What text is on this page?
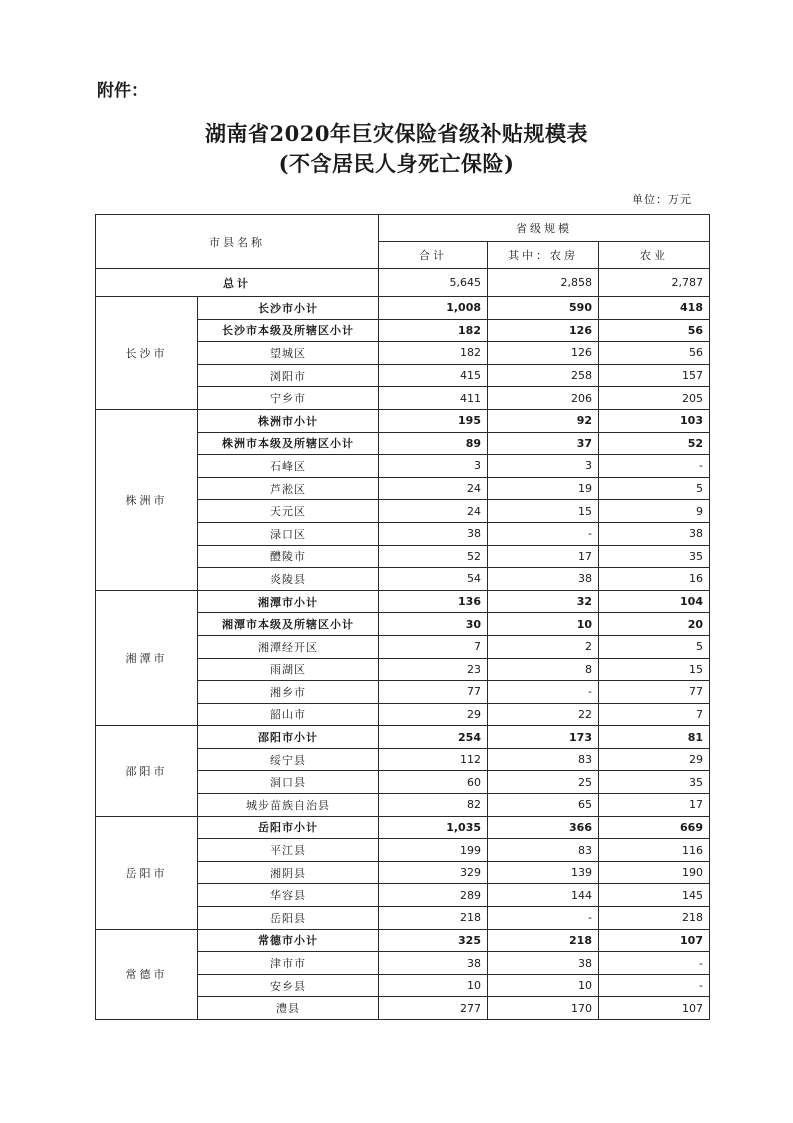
附件：
湖南省2020年巨灾保险省级补贴规模表
(不含居民人身死亡保险)
单位：万元
市县名称		省级规模		
		合计	其中：农房	农业
总计		5,645	2,858	2,787
长沙市	长沙市小计	1,008	590	418
	长沙市本级及所辖区小计	182	126	56
	望城区	182	126	56
	浏阳市	415	258	157
	宁乡市	411	206	205
株洲市	株洲市小计	195	92	103
	株洲市本级及所辖区小计	89	37	52
	石峰区	3	3	-
	芦淞区	24	19	5
	天元区	24	15	9
	渌口区	38	-	38
	醴陵市	52	17	35
	炎陵县	54	38	16
湘潭市	湘潭市小计	136	32	104
	湘潭市本级及所辖区小计	30	10	20
	湘潭经开区	7	2	5
	雨湖区	23	8	15
	湘乡市	77	-	77
	韶山市	29	22	7
邵阳市	邵阳市小计	254	173	81
	绥宁县	112	83	29
	洞口县	60	25	35
	城步苗族自治县	82	65	17
岳阳市	岳阳市小计	1,035	366	669
	平江县	199	83	116
	湘阴县	329	139	190
	华容县	289	144	145
	岳阳县	218	-	218
常德市	常德市小计	325	218	107
	津市市	38	38	-
	安乡县	10	10	-
	澧县	277	170	107
